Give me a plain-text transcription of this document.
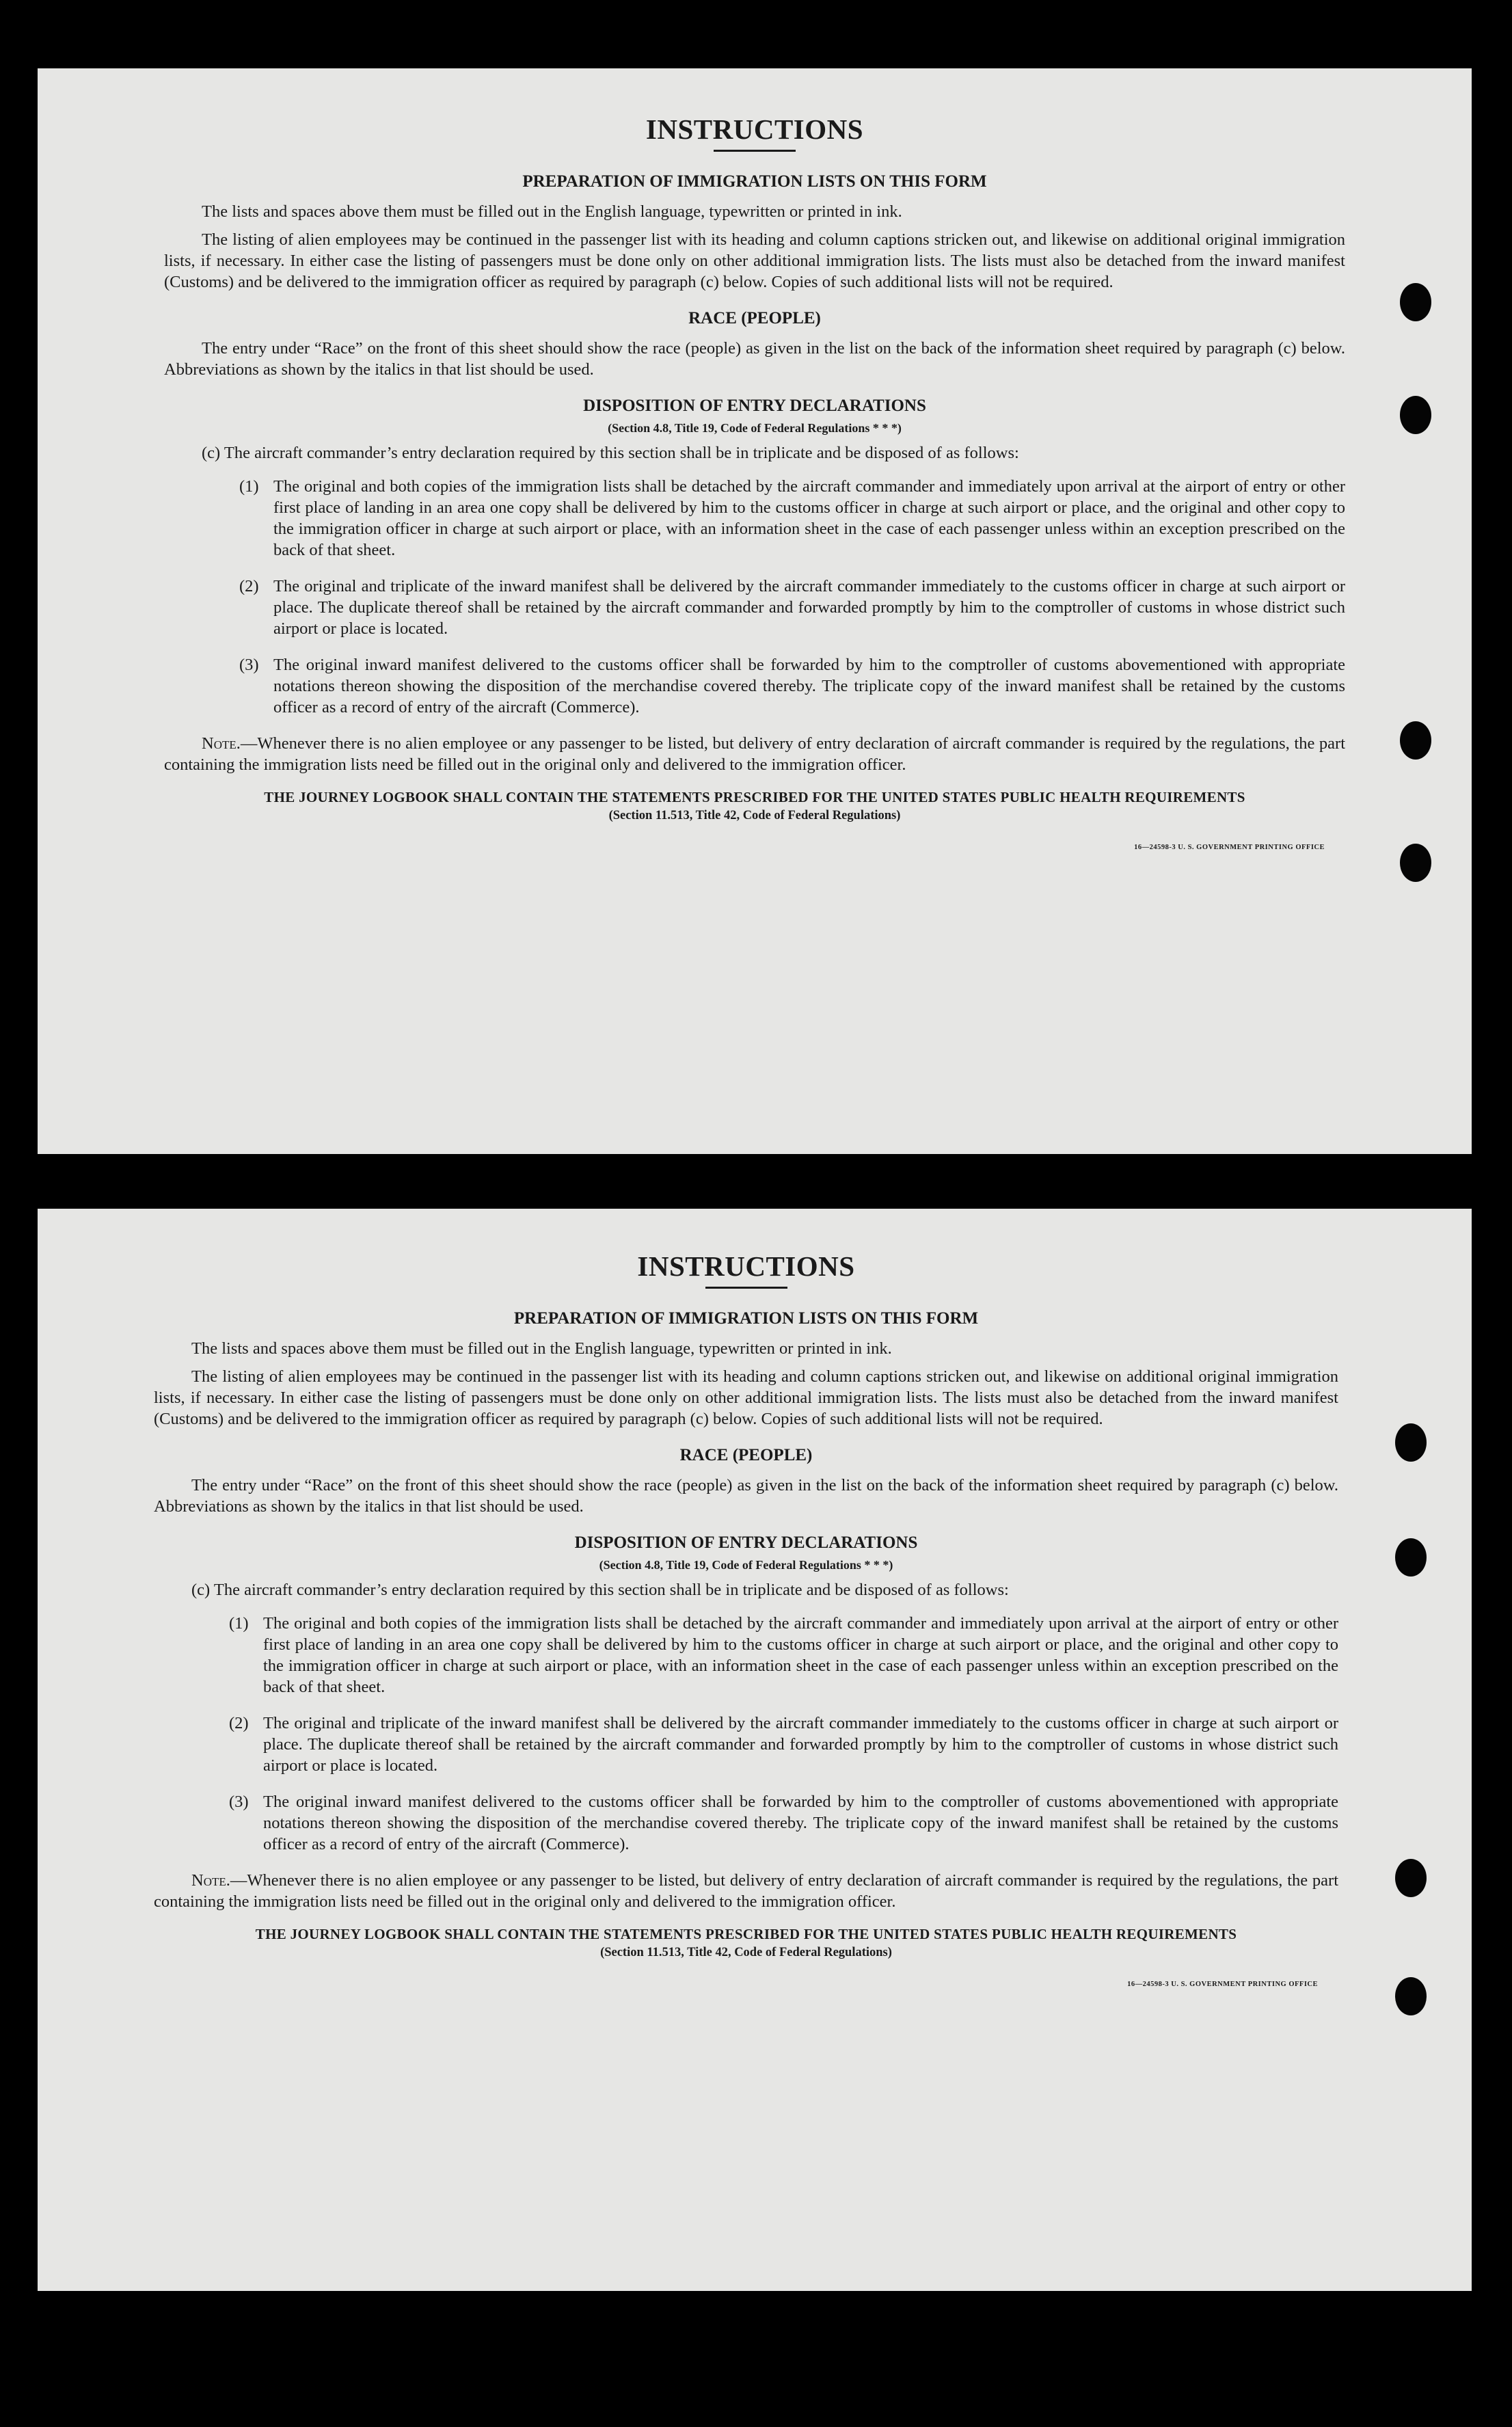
INSTRUCTIONS
PREPARATION OF IMMIGRATION LISTS ON THIS FORM

The lists and spaces above them must be filled out in the English language, typewritten or printed in ink.

The listing of alien employees may be continued in the passenger list with its heading and column captions stricken out, and likewise on additional original immigration lists, if necessary. In either case the listing of passengers must be done only on other additional immigration lists. The lists must also be detached from the inward manifest (Customs) and be delivered to the immigration officer as required by paragraph (c) below. Copies of such additional lists will not be required.

RACE (PEOPLE)

The entry under “Race” on the front of this sheet should show the race (people) as given in the list on the back of the information sheet required by paragraph (c) below. Abbreviations as shown by the italics in that list should be used.

DISPOSITION OF ENTRY DECLARATIONS
(Section 4.8, Title 19, Code of Federal Regulations * * *)

(c) The aircraft commander’s entry declaration required by this section shall be in triplicate and be disposed of as follows:

(1) The original and both copies of the immigration lists shall be detached by the aircraft commander and immediately upon arrival at the airport of entry or other first place of landing in an area one copy shall be delivered by him to the customs officer in charge at such airport or place, and the original and other copy to the immigration officer in charge at such airport or place, with an information sheet in the case of each passenger unless within an exception prescribed on the back of that sheet.
(2) The original and triplicate of the inward manifest shall be delivered by the aircraft commander immediately to the customs officer in charge at such airport or place. The duplicate thereof shall be retained by the aircraft commander and forwarded promptly by him to the comptroller of customs in whose district such airport or place is located.
(3) The original inward manifest delivered to the customs officer shall be forwarded by him to the comptroller of customs abovementioned with appropriate notations thereon showing the disposition of the merchandise covered thereby. The triplicate copy of the inward manifest shall be retained by the customs officer as a record of entry of the aircraft (Commerce).

Note.—Whenever there is no alien employee or any passenger to be listed, but delivery of entry declaration of aircraft commander is required by the regulations, the part containing the immigration lists need be filled out in the original only and delivered to the immigration officer.

THE JOURNEY LOGBOOK SHALL CONTAIN THE STATEMENTS PRESCRIBED FOR THE UNITED STATES PUBLIC HEALTH REQUIREMENTS
(Section 11.513, Title 42, Code of Federal Regulations)
16—24598-3 U. S. GOVERNMENT PRINTING OFFICE
INSTRUCTIONS
PREPARATION OF IMMIGRATION LISTS ON THIS FORM

The lists and spaces above them must be filled out in the English language, typewritten or printed in ink.

The listing of alien employees may be continued in the passenger list with its heading and column captions stricken out, and likewise on additional original immigration lists, if necessary. In either case the listing of passengers must be done only on other additional immigration lists. The lists must also be detached from the inward manifest (Customs) and be delivered to the immigration officer as required by paragraph (c) below. Copies of such additional lists will not be required.

RACE (PEOPLE)

The entry under “Race” on the front of this sheet should show the race (people) as given in the list on the back of the information sheet required by paragraph (c) below. Abbreviations as shown by the italics in that list should be used.

DISPOSITION OF ENTRY DECLARATIONS
(Section 4.8, Title 19, Code of Federal Regulations * * *)

(c) The aircraft commander’s entry declaration required by this section shall be in triplicate and be disposed of as follows:

(1) The original and both copies of the immigration lists shall be detached by the aircraft commander and immediately upon arrival at the airport of entry or other first place of landing in an area one copy shall be delivered by him to the customs officer in charge at such airport or place, and the original and other copy to the immigration officer in charge at such airport or place, with an information sheet in the case of each passenger unless within an exception prescribed on the back of that sheet.
(2) The original and triplicate of the inward manifest shall be delivered by the aircraft commander immediately to the customs officer in charge at such airport or place. The duplicate thereof shall be retained by the aircraft commander and forwarded promptly by him to the comptroller of customs in whose district such airport or place is located.
(3) The original inward manifest delivered to the customs officer shall be forwarded by him to the comptroller of customs abovementioned with appropriate notations thereon showing the disposition of the merchandise covered thereby. The triplicate copy of the inward manifest shall be retained by the customs officer as a record of entry of the aircraft (Commerce).

Note.—Whenever there is no alien employee or any passenger to be listed, but delivery of entry declaration of aircraft commander is required by the regulations, the part containing the immigration lists need be filled out in the original only and delivered to the immigration officer.

THE JOURNEY LOGBOOK SHALL CONTAIN THE STATEMENTS PRESCRIBED FOR THE UNITED STATES PUBLIC HEALTH REQUIREMENTS
(Section 11.513, Title 42, Code of Federal Regulations)
16—24598-3 U. S. GOVERNMENT PRINTING OFFICE
